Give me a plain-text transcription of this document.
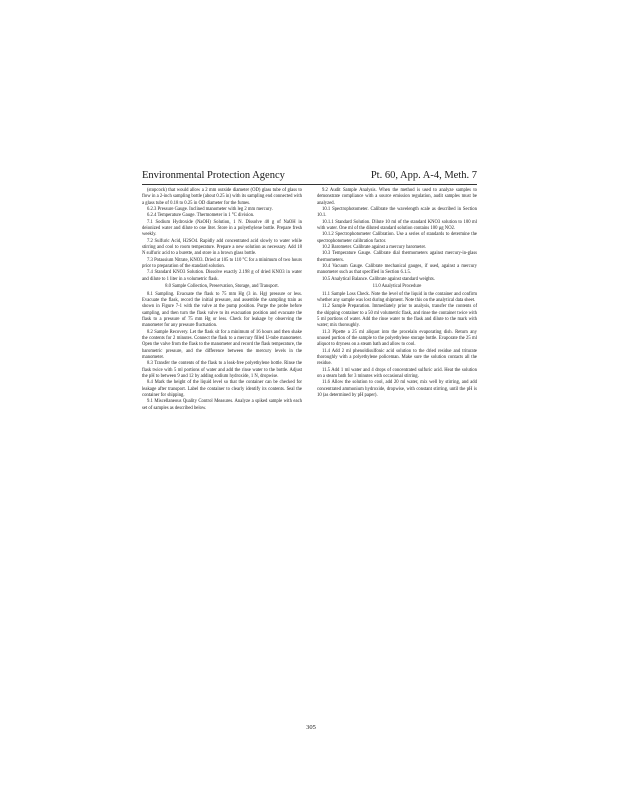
Environmental Protection Agency	Pt. 60, App. A-4, Meth. 7

(stopcock) that would allow a 2 mm outside diameter (OD) glass tube of glass to flow in a 2-inch sampling bottle (about 0.25 in) with its sampling end connected with a glass tube of 0.18 to 0.25 in OD diameter for the fumes.

6.2.3 Pressure Gauge. Inclined manometer with leg 2 mm mercury.

6.2.4 Temperature Gauge. Thermometer in 1 °C division.

7.1 Sodium Hydroxide (NaOH) Solution, 1 N. Dissolve 40 g of NaOH in deionized water and dilute to one liter. Store in a polyethylene bottle. Prepare fresh weekly.

7.2 Sulfuric Acid, H2SO4. Rapidly add concentrated acid slowly to water while stirring and cool to room temperature. Prepare a new solution as necessary. Add 18 N sulfuric acid to a burette, and store in a brown glass bottle.

7.3 Potassium Nitrate, KNO3. Dried at 105 to 110 °C for a minimum of two hours prior to preparation of the standard solution.

7.4 Standard KNO3 Solution. Dissolve exactly 2.198 g of dried KNO3 in water and dilute to 1 liter in a volumetric flask.

8.0 Sample Collection, Preservation, Storage, and Transport.

8.1 Sampling. Evacuate the flask to 75 mm Hg (3 in. Hg) pressure or less. Evacuate the flask, record the initial pressure, and assemble the sampling train as shown in Figure 7-1 with the valve at the pump position. Purge the probe before sampling, and then turn the flask valve to its evacuation position and evacuate the flask to a pressure of 75 mm Hg or less. Check for leakage by observing the manometer for any pressure fluctuation.

8.2 Sample Recovery. Let the flask sit for a minimum of 16 hours and then shake the contents for 2 minutes. Connect the flask to a mercury filled U-tube manometer. Open the valve from the flask to the manometer and record the flask temperature, the barometric pressure, and the difference between the mercury levels in the manometer.

8.3 Transfer the contents of the flask to a leak-free polyethylene bottle. Rinse the flask twice with 5 ml portions of water and add the rinse water to the bottle. Adjust the pH to between 9 and 12 by adding sodium hydroxide, 1 N, dropwise.

8.4 Mark the height of the liquid level so that the container can be checked for leakage after transport. Label the container to clearly identify its contents. Seal the container for shipping.

9.1 Miscellaneous Quality Control Measures. Analyze a spiked sample with each set of samples as described below.

9.2 Audit Sample Analysis. When the method is used to analyze samples to demonstrate compliance with a source emission regulation, audit samples must be analyzed.

10.1 Spectrophotometer. Calibrate the wavelength scale as described in Section 10.1.

10.1.1 Standard Solution. Dilute 10 ml of the standard KNO3 solution to 100 ml with water. One ml of the diluted standard solution contains 100 µg NO2.

10.1.2 Spectrophotometer Calibration. Use a series of standards to determine the spectrophotometer calibration factor.

10.2 Barometer. Calibrate against a mercury barometer.

10.3 Temperature Gauge. Calibrate dial thermometers against mercury-in-glass thermometers.

10.4 Vacuum Gauge. Calibrate mechanical gauges, if used, against a mercury manometer such as that specified in Section 6.1.5.

10.5 Analytical Balance. Calibrate against standard weights.

11.0 Analytical Procedure

11.1 Sample Loss Check. Note the level of the liquid in the container and confirm whether any sample was lost during shipment. Note this on the analytical data sheet.

11.2 Sample Preparation. Immediately prior to analysis, transfer the contents of the shipping container to a 50 ml volumetric flask, and rinse the container twice with 5 ml portions of water. Add the rinse water to the flask and dilute to the mark with water; mix thoroughly.

11.3 Pipette a 25 ml aliquot into the procelain evaporating dish. Return any unused portion of the sample to the polyethylene storage bottle. Evaporate the 25 ml aliquot to dryness on a steam bath and allow to cool.

11.4 Add 2 ml phenoldisulfonic acid solution to the dried residue and triturate thoroughly with a polyethylene policeman. Make sure the solution contacts all the residue.

11.5 Add 1 ml water and 4 drops of concentrated sulfuric acid. Heat the solution on a steam bath for 3 minutes with occasional stirring.

11.6 Allow the solution to cool, add 20 ml water, mix well by stirring, and add concentrated ammonium hydroxide, dropwise, with constant stirring, until the pH is 10 (as determined by pH paper).

305
